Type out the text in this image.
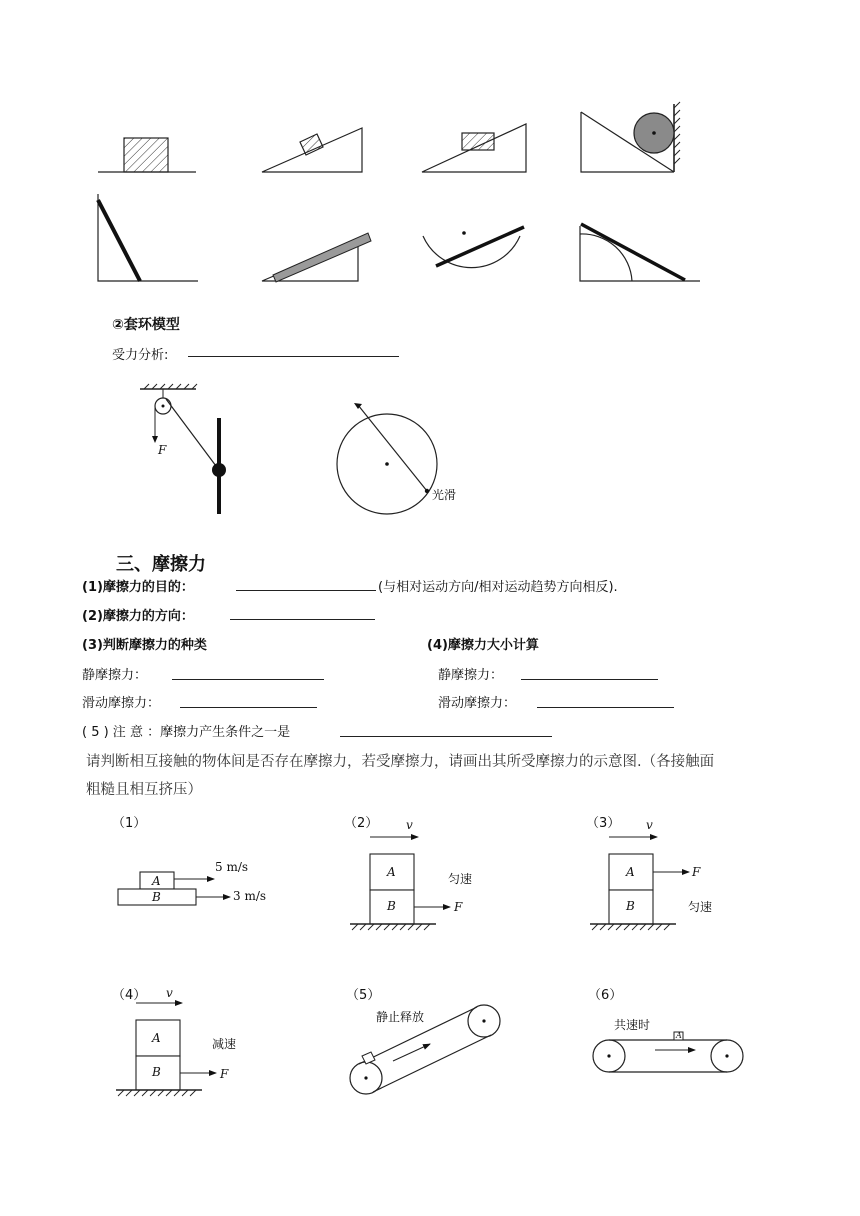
②套环模型
受力分析:
F
光滑
三、摩擦力
(1)摩擦力的目的：	(与相对运动方向/相对运动趋势方向相反).
(2)摩擦力的方向：
(3)判断摩擦力的种类	(4)摩擦力大小计算
静摩擦力：	静摩擦力：
滑动摩擦力：	滑动摩擦力：
( 5 ) 注 意 ：摩擦力产生条件之一是
请判断相互接触的物体间是否存在摩擦力，若受摩擦力，请画出其所受摩擦力的示意图.（各接触面
粗糙且相互挤压）
（1）
A
B
5 m/s
3 m/s
（2） v
A
B
匀速
F
（3） v
A
B
F
匀速
（4） v
A
B
减速
F
（5）
静止释放
（6）
共速时
A
